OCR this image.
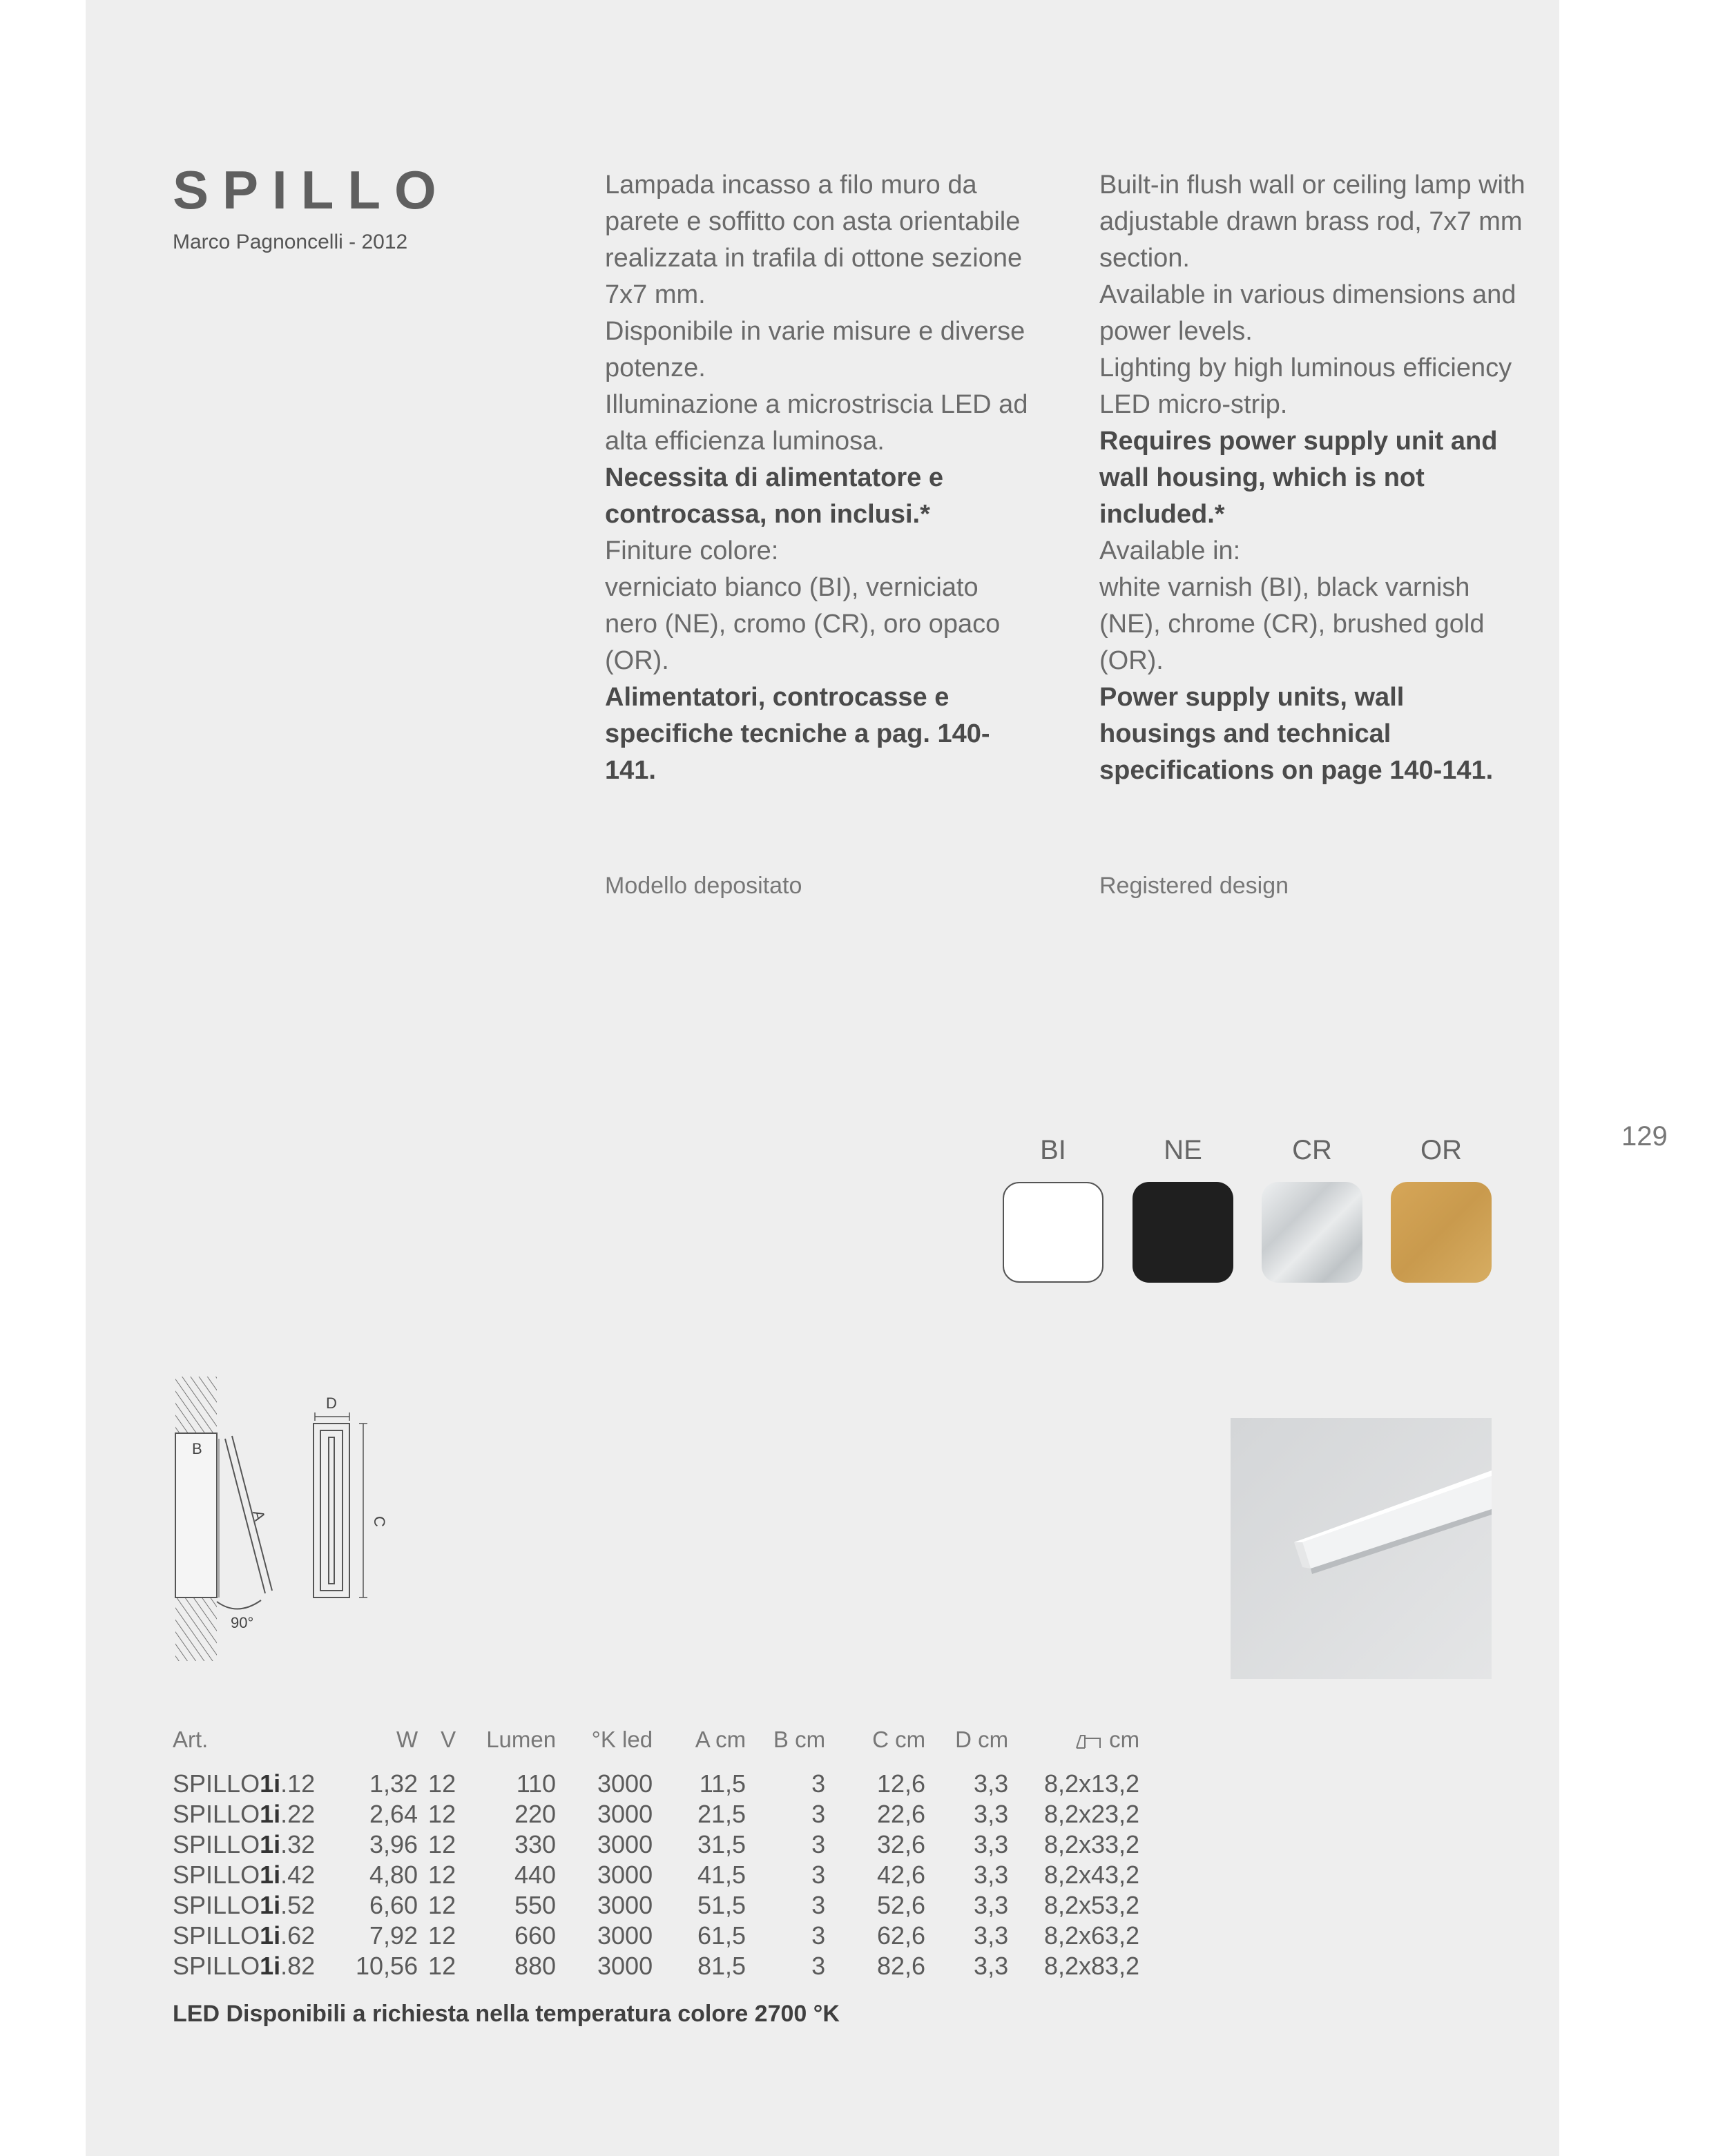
SPILLO
Marco Pagnoncelli - 2012

Lampada incasso a filo muro da parete e soffitto con asta orientabile realizzata in trafila di ottone sezione 7x7 mm.

Disponibile in varie misure e diverse potenze.

Illuminazione a microstriscia LED ad alta efficienza luminosa.

Necessita di alimentatore e controcassa, non inclusi.*

Finiture colore:

verniciato bianco (BI), verniciato nero (NE), cromo (CR), oro opaco (OR).

Alimentatori, controcasse e specifiche tecniche a pag. 140-141.

Built-in flush wall or ceiling lamp with adjustable drawn brass rod, 7x7 mm section.

Available in various dimensions and power levels.

Lighting by high luminous efficiency LED micro-strip.

Requires power supply unit and wall housing, which is not included.*

Available in:

white varnish (BI), black varnish (NE), chrome (CR), brushed gold (OR).

Power supply units, wall housings and technical specifications on page 140-141.

Modello depositato	Registered design
129
BI	NE	CR	OR
B
A
90°
D
C
Art.	W	V	Lumen	°K led	A cm	B cm	C cm	D cm	cm
SPILLO1i.12	1,32	12	110	3000	11,5	3	12,6	3,3	8,2x13,2
SPILLO1i.22	2,64	12	220	3000	21,5	3	22,6	3,3	8,2x23,2
SPILLO1i.32	3,96	12	330	3000	31,5	3	32,6	3,3	8,2x33,2
SPILLO1i.42	4,80	12	440	3000	41,5	3	42,6	3,3	8,2x43,2
SPILLO1i.52	6,60	12	550	3000	51,5	3	52,6	3,3	8,2x53,2
SPILLO1i.62	7,92	12	660	3000	61,5	3	62,6	3,3	8,2x63,2
SPILLO1i.82	10,56	12	880	3000	81,5	3	82,6	3,3	8,2x83,2
LED Disponibili a richiesta nella temperatura colore 2700 °K
